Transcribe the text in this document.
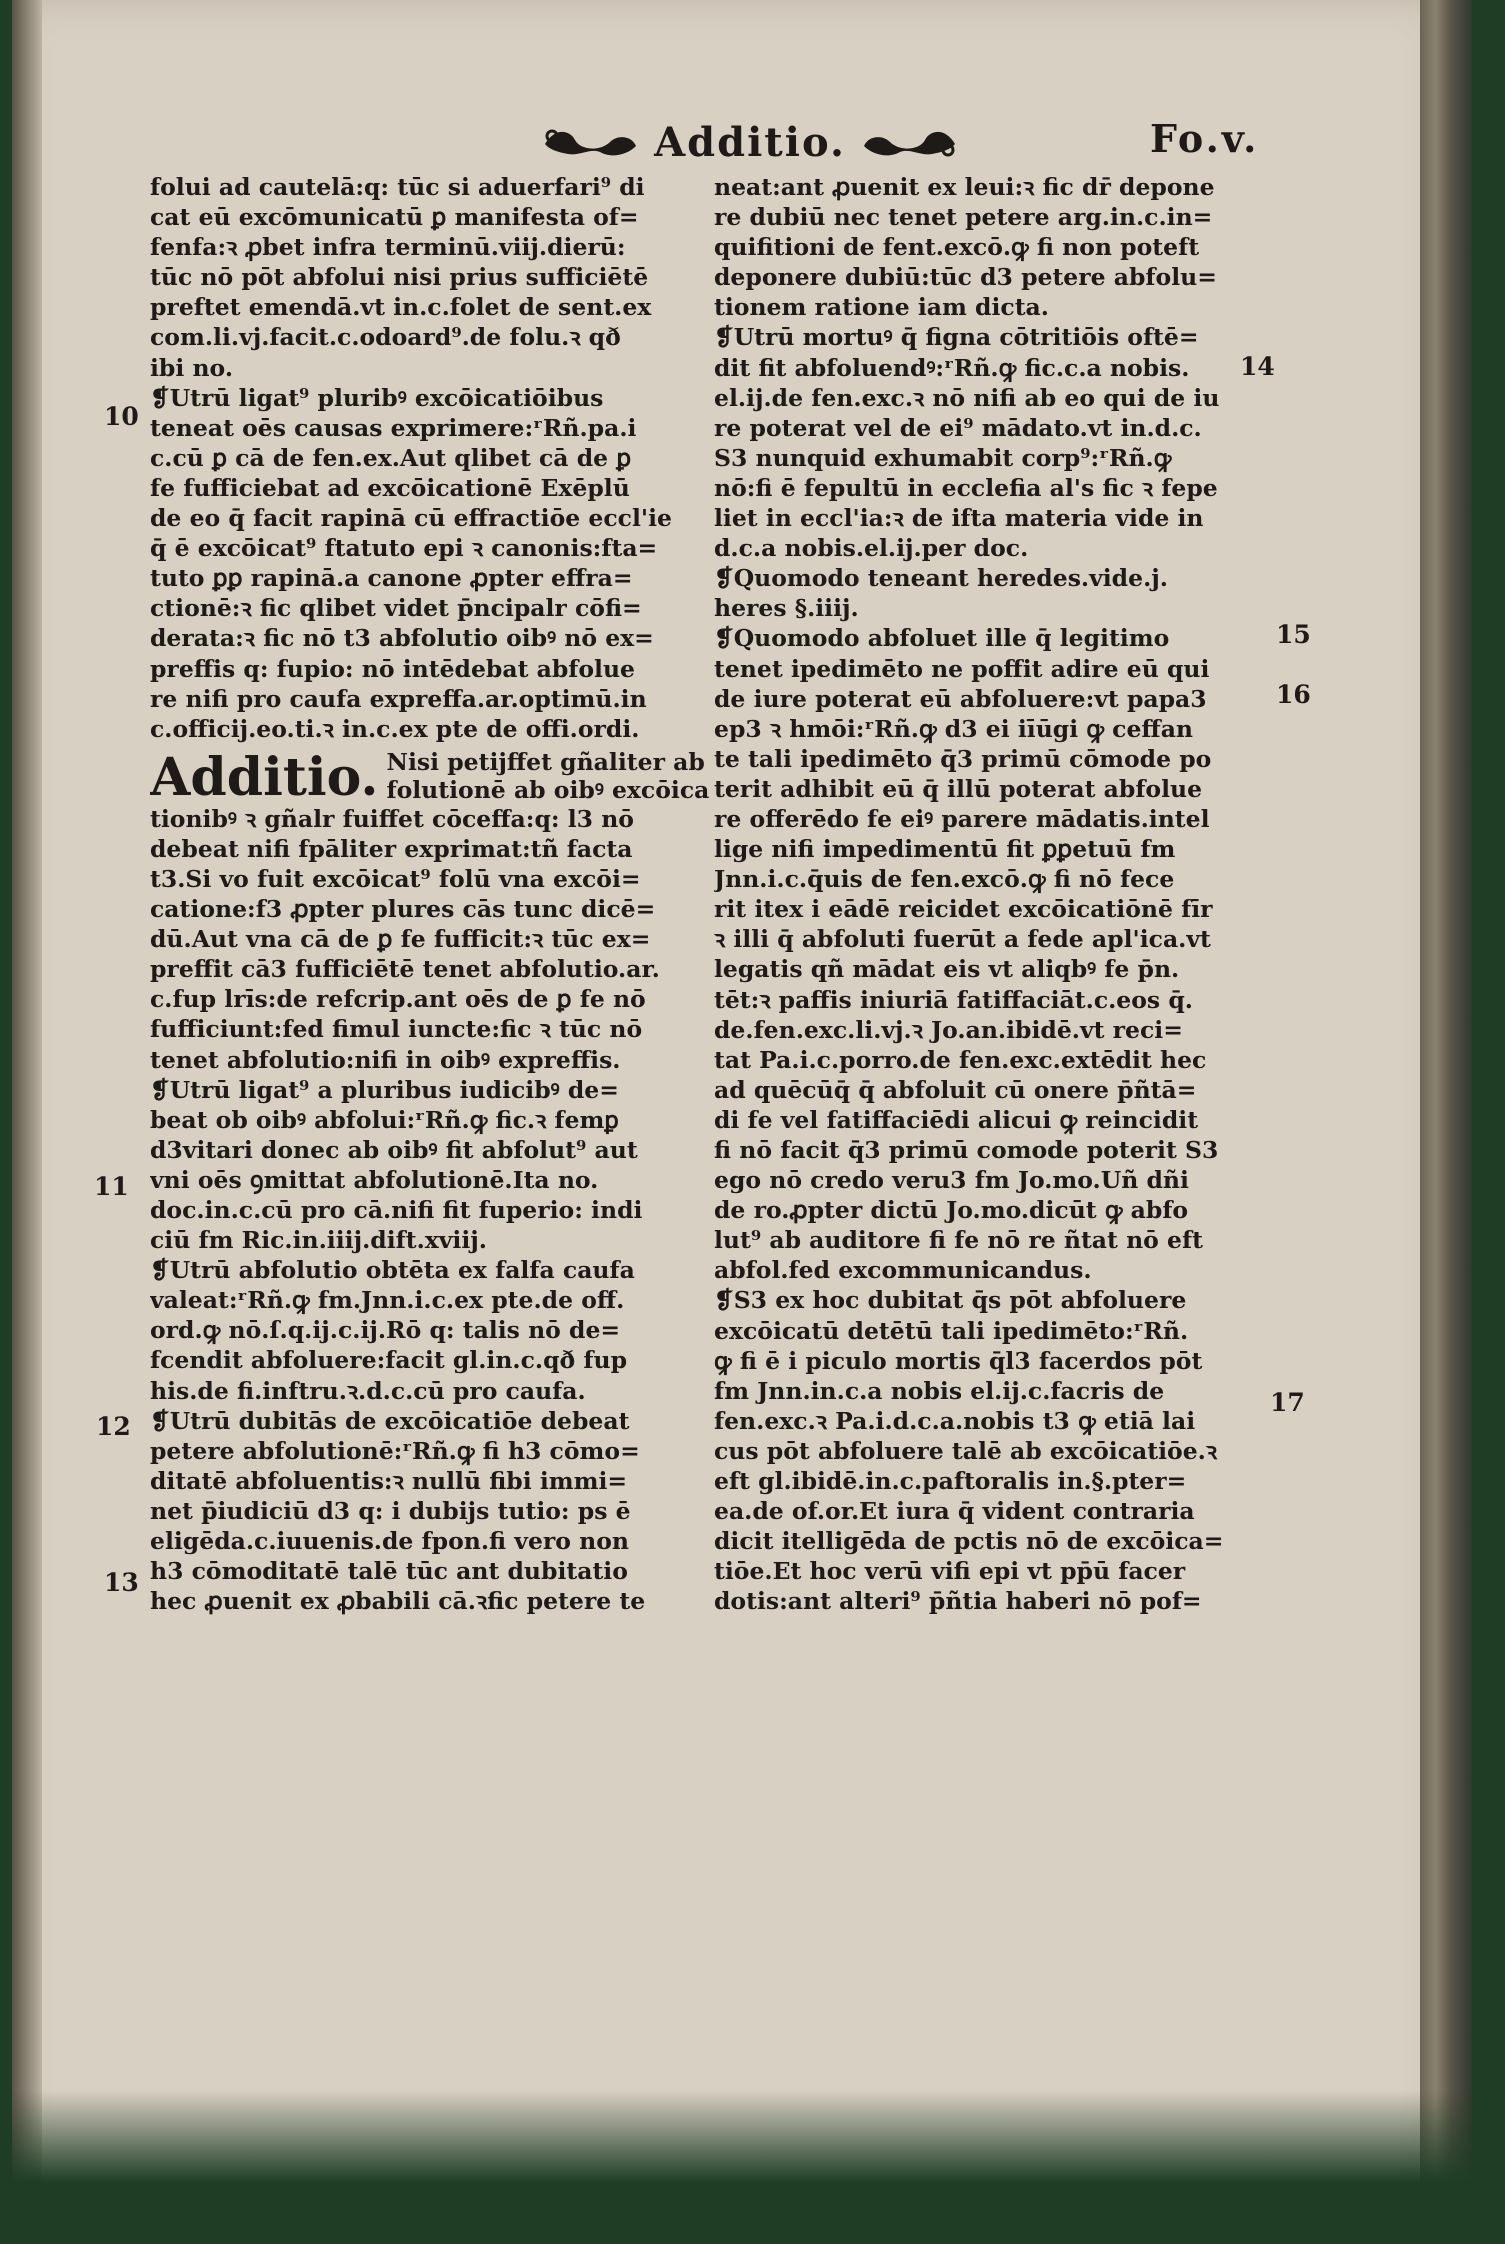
Additio.	Fo.v.
folui ad cautelā:q: tūc si aduerfari⁹ di
cat eū excōmunicatū ꝑ manifesta of=
fenfa:ꝛ ꝓbet infra terminū.viij.dierū:
tūc nō pōt abfolui nisi prius sufficiētē
preftet emendā.vt in.c.folet de sent.ex
com.li.vj.facit.c.odoard⁹.de folu.ꝛ qð
ibi no.
❡Utrū ligat⁹ pluribꝰ excōicatiōibus
teneat oēs causas exprimere:ʳRñ.pa.i
c.cū ꝑ cā de fen.ex.Aut qlibet cā de ꝑ
fe fufficiebat ad excōicationē Exēplū
de eo q̄ facit rapinā cū effractiōe eccl'ie
q̄ ē excōicat⁹ ftatuto epi ꝛ canonis:fta=
tuto ꝑꝑ rapinā.a canone ꝓpter effra=
ctionē:ꝛ fic qlibet videt p̄ncipalr cōfi=
derata:ꝛ fic nō t3 abfolutio oibꝰ nō ex=
preffis q: fupio: nō intēdebat abfolue
re nifi pro caufa expreffa.ar.optimū.in
c.officij.eo.ti.ꝛ in.c.ex pte de offi.ordi.
Additio. Nisi petijffet gñaliter ab
folutionē ab oibꝰ excōica
tionibꝰ ꝛ gñalr fuiffet cōceffa:q: l3 nō
debeat nifi fpāliter exprimat:tñ facta
t3.Si vo fuit excōicat⁹ folū vna excōi=
catione:f3 ꝓpter plures cās tunc dicē=
dū.Aut vna cā de ꝑ fe fufficit:ꝛ tūc ex=
preffit cā3 fufficiētē tenet abfolutio.ar.
c.fup lrīs:de refcrip.ant oēs de ꝑ fe nō
fufficiunt:fed fimul iuncte:fic ꝛ tūc nō
tenet abfolutio:nifi in oibꝰ expreffis.
❡Utrū ligat⁹ a pluribus iudicibꝰ de=
beat ob oibꝰ abfolui:ʳRñ.ꝙ fic.ꝛ femꝑ
d3vitari donec ab oibꝰ fit abfolut⁹ aut
vni oēs ꝯmittat abfolutionē.Ita no.
doc.in.c.cū pro cā.nifi fit fuperio: indi
ciū fm Ric.in.iiij.dift.xviij.
❡Utrū abfolutio obtēta ex falfa caufa
valeat:ʳRñ.ꝙ fm.Jnn.i.c.ex pte.de off.
ord.ꝙ nō.ſ.q.ij.c.ij.Rō q: talis nō de=
fcendit abfoluere:facit gl.in.c.qð fup
his.de fi.inftru.ꝛ.d.c.cū pro caufa.
❡Utrū dubitās de excōicatiōe debeat
petere abfolutionē:ʳRñ.ꝙ fi h3 cōmo=
ditatē abfoluentis:ꝛ nullū fibi immi=
net p̄iudiciū d3 q: i dubijs tutio: ps ē
eligēda.c.iuuenis.de fpon.fi vero non
h3 cōmoditatē talē tūc ant dubitatio
hec ꝓuenit ex ꝓbabili cā.ꝛfic petere te
neat:ant ꝓuenit ex leui:ꝛ fic dr̄ depone
re dubiū nec tenet petere arg.in.c.in=
quifitioni de fent.excō.ꝙ fi non poteft
deponere dubiū:tūc d3 petere abfolu=
tionem ratione iam dicta.
❡Utrū mortuꝰ q̄ figna cōtritiōis oftē=
dit fit abfoluendꝰ:ʳRñ.ꝙ fic.c.a nobis.
el.ij.de fen.exc.ꝛ nō nifi ab eo qui de iu
re poterat vel de ei⁹ mādato.vt in.d.c.
S3 nunquid exhumabit corp⁹:ʳRñ.ꝙ
nō:fi ē fepultū in ecclefia al's fic ꝛ fepe
liet in eccl'ia:ꝛ de ifta materia vide in
d.c.a nobis.el.ij.per doc.
❡Quomodo teneant heredes.vide.j.
heres §.iiij.
❡Quomodo abfoluet ille q̄ legitimo
tenet ipedimēto ne poffit adire eū qui
de iure poterat eū abfoluere:vt papa3
ep3 ꝛ hmōi:ʳRñ.ꝙ d3 ei iīūgi ꝙ ceffan
te tali ipedimēto q̄3 primū cōmode po
terit adhibit eū q̄ illū poterat abfolue
re offerēdo fe eiꝰ parere mādatis.intel
lige nifi impedimentū fit ꝑꝑetuū fm
Jnn.i.c.q̄uis de fen.excō.ꝙ fi nō fece
rit itex i eādē reicidet excōicatiōnē fīr
ꝛ illi q̄ abfoluti fuerūt a fede apl'ica.vt
legatis qñ mādat eis vt aliqbꝰ fe p̄n.
tēt:ꝛ paffis iniuriā fatiffaciāt.c.eos q̄.
de.fen.exc.li.vj.ꝛ Jo.an.ibidē.vt reci=
tat Pa.i.c.porro.de fen.exc.extēdit hec
ad quēcūq̄ q̄ abfoluit cū onere p̄ñtā=
di fe vel fatiffaciēdi alicui ꝙ reincidit
fi nō facit q̄3 primū comode poterit S3
ego nō credo veru3 fm Jo.mo.Uñ dñi
de ro.ꝓpter dictū Jo.mo.dicūt ꝙ abfo
lut⁹ ab auditore fi fe nō re ñtat nō eft
abfol.fed excommunicandus.
❡S3 ex hoc dubitat q̄s pōt abfoluere
excōicatū detētū tali ipedimēto:ʳRñ.
ꝙ fi ē i piculo mortis q̄l3 facerdos pōt
fm Jnn.in.c.a nobis el.ij.c.facris de
fen.exc.ꝛ Pa.i.d.c.a.nobis t3 ꝙ etiā lai
cus pōt abfoluere talē ab excōicatiōe.ꝛ
eft gl.ibidē.in.c.paftoralis in.§.pter=
ea.de of.or.Et iura q̄ vident contraria
dicit itelligēda de pctis nō de excōica=
tiōe.Et hoc verū vifi epi vt pp̄ū facer
dotis:ant alteri⁹ p̄ñtia haberi nō pof=
10
11
12
13
14
15
16
17
